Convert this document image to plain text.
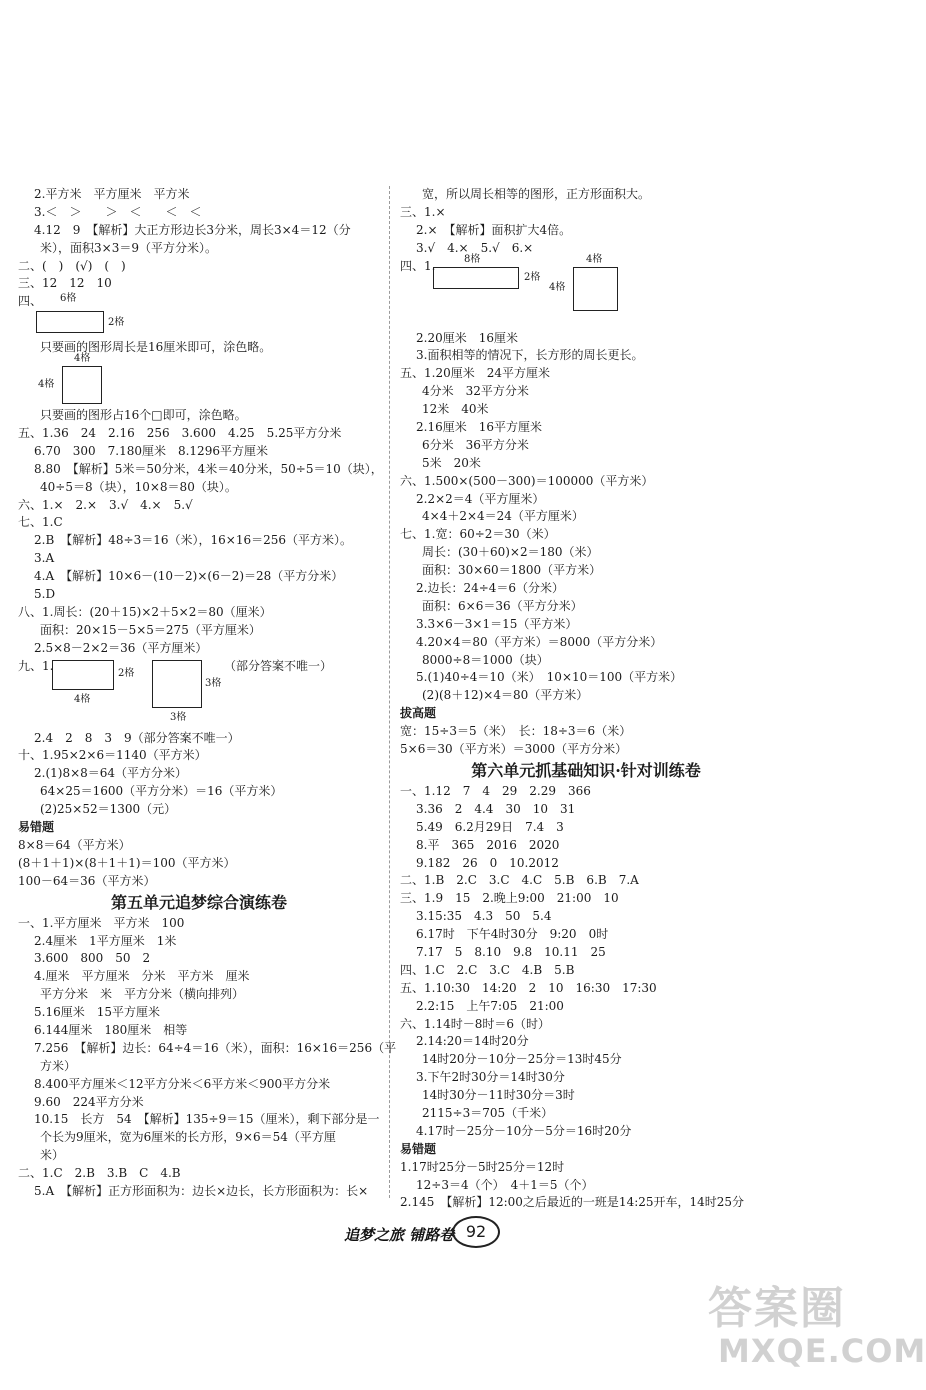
2.平方米　平方厘米　平方米
3.＜　＞　　＞　＜　　＜　＜
4.12　9　【解析】大正方形边长3分米，周长3×4＝12（分
米），面积3×3＝9（平方分米）。
二、(　)　(√)　(　)
三、12　12　10
四、	6格
2格
只要画的图形周长是16厘米即可，涂色略。
4格
4格
只要画的图形占16个□即可，涂色略。
五、1.36　24　2.16　256　3.600　4.25　5.25平方分米
6.70　300　7.180厘米　8.1296平方厘米
8.80　【解析】5米＝50分米，4米＝40分米，50÷5＝10（块），
40÷5＝8（块），10×8＝80（块）。
六、1.×　2.×　3.√　4.×　5.√
七、1.C
2.B　【解析】48÷3＝16（米），16×16＝256（平方米）。
3.A
4.A　【解析】10×6－(10－2)×(6－2)＝28（平方分米）
5.D
八、1.周长：(20＋15)×2＋5×2＝80（厘米）
面积：20×15－5×5＝275（平方厘米）
2.5×8－2×2＝36（平方厘米）
九、1.
2格
4格
3格
3格
（部分答案不唯一）
2.4　2　8　3　9（部分答案不唯一）
十、1.95×2×6＝1140（平方米）
2.(1)8×8＝64（平方分米）
64×25＝1600（平方分米）＝16（平方米）
(2)25×52＝1300（元）
易错题
8×8＝64（平方米）
(8＋1＋1)×(8＋1＋1)＝100（平方米）
100－64＝36（平方米）
第五单元追梦综合演练卷
一、1.平方厘米　平方米　100
2.4厘米　1平方厘米　1米
3.600　800　50　2
4.厘米　平方厘米　分米　平方米　厘米
平方分米　米　平方分米（横向排列）
5.16厘米　15平方厘米
6.144厘米　180厘米　相等
7.256　【解析】边长：64÷4＝16（米），面积：16×16＝256（平
方米）
8.400平方厘米＜12平方分米＜6平方米＜900平方分米
9.60　224平方分米
10.15　长方　54　【解析】135÷9＝15（厘米），剩下部分是一
个长为9厘米，宽为6厘米的长方形，9×6＝54（平方厘
米）
二、1.C　2.B　3.B　C　4.B
5.A　【解析】正方形面积为：边长×边长，长方形面积为：长×
宽，所以周长相等的图形，正方形面积大。
三、1.×
2.×　【解析】面积扩大4倍。
3.√　4.×　5.√　6.×
四、1.	8格
2格
4格
4格
2.20厘米　16厘米
3.面积相等的情况下，长方形的周长更长。
五、1.20厘米　24平方厘米
4分米　32平方分米
12米　40米
2.16厘米　16平方厘米
6分米　36平方分米
5米　20米
六、1.500×(500－300)＝100000（平方米）
2.2×2＝4（平方厘米）
4×4＋2×4＝24（平方厘米）
七、1.宽：60÷2＝30（米）
周长：(30＋60)×2＝180（米）
面积：30×60＝1800（平方米）
2.边长：24÷4＝6（分米）
面积：6×6＝36（平方分米）
3.3×6－3×1＝15（平方米）
4.20×4＝80（平方米）＝8000（平方分米）
8000÷8＝1000（块）
5.(1)40÷4＝10（米）　10×10＝100（平方米）
(2)(8＋12)×4＝80（平方米）
拔高题
宽：15÷3＝5（米）　长：18÷3＝6（米）
5×6＝30（平方米）＝3000（平方分米）
第六单元抓基础知识·针对训练卷
一、1.12　7　4　29　2.29　366
3.36　2　4.4　30　10　31
5.49　6.2月29日　7.4　3
8.平　365　2016　2020
9.182　26　0　10.2012
二、1.B　2.C　3.C　4.C　5.B　6.B　7.A
三、1.9　15　2.晚上9:00　21:00　10
3.15:35　4.3　50　5.4
6.17时　下午4时30分　9:20　0时
7.17　5　8.10　9.8　10.11　25
四、1.C　2.C　3.C　4.B　5.B
五、1.10:30　14:20　2　10　16:30　17:30
2.2:15　上午7:05　21:00
六、1.14时－8时＝6（时）
2.14:20＝14时20分
14时20分－10分－25分＝13时45分
3.下午2时30分＝14时30分
14时30分－11时30分＝3时
2115÷3＝705（千米）
4.17时－25分－10分－5分＝16时20分
易错题
1.17时25分－5时25分＝12时
12÷3＝4（个）　4＋1＝5（个）
2.145　【解析】12:00之后最近的一班是14:25开车，14时25分
追梦之旅 铺路卷 92
答案圈
MXQE.COM
